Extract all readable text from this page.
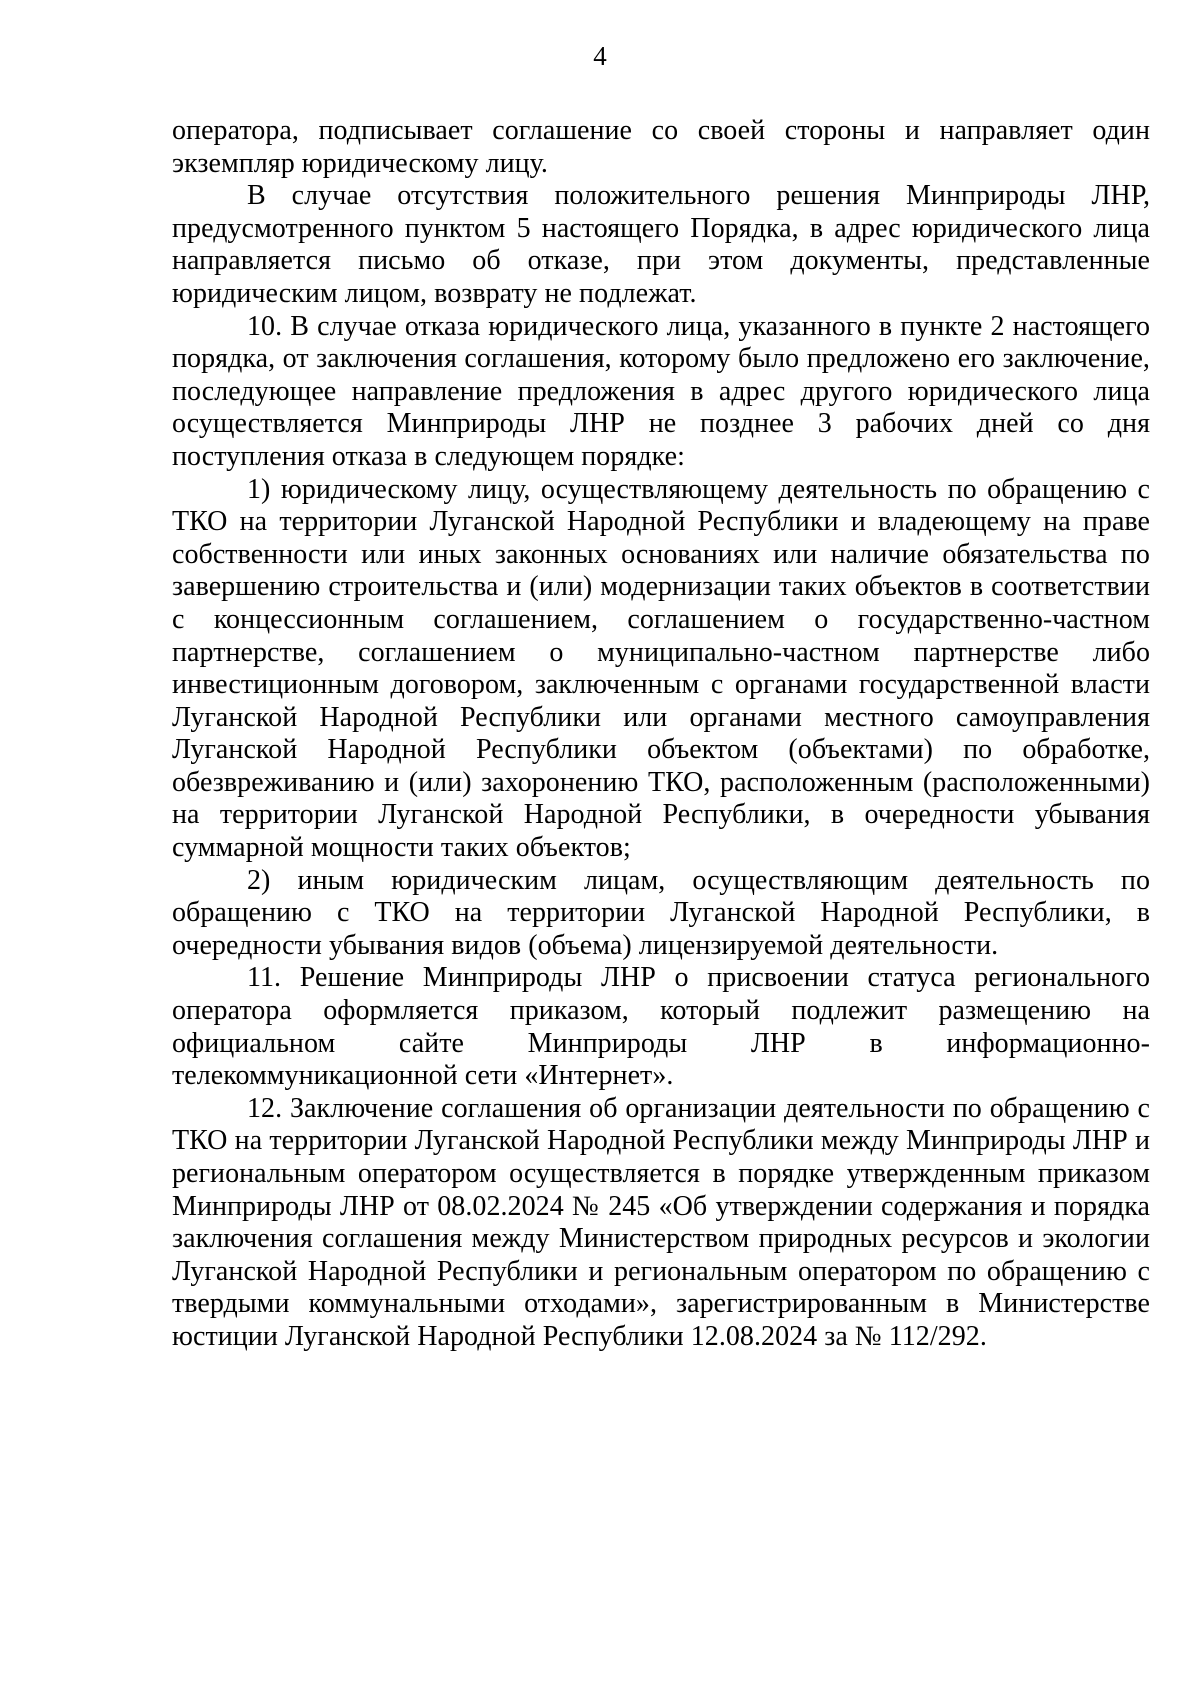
4

оператора, подписывает соглашение со своей стороны и направляет один экземпляр юридическому лицу.

В случае отсутствия положительного решения Минприроды ЛНР, предусмотренного пунктом 5 настоящего Порядка, в адрес юридического лица направляется письмо об отказе, при этом документы, представленные юридическим лицом, возврату не подлежат.

10. В случае отказа юридического лица, указанного в пункте 2 настоящего порядка, от заключения соглашения, которому было предложено его заключение, последующее направление предложения в адрес другого юридического лица осуществляется Минприроды ЛНР не позднее 3 рабочих дней со дня поступления отказа в следующем порядке:

1) юридическому лицу, осуществляющему деятельность по обращению с ТКО на территории Луганской Народной Республики и владеющему на праве собственности или иных законных основаниях или наличие обязательства по завершению строительства и (или) модернизации таких объектов в соответствии с концессионным соглашением, соглашением о государственно-частном партнерстве, соглашением о муниципально-частном партнерстве либо инвестиционным договором, заключенным с органами государственной власти Луганской Народной Республики или органами местного самоуправления Луганской Народной Республики объектом (объектами) по обработке, обезвреживанию и (или) захоронению ТКО, расположенным (расположенными) на территории Луганской Народной Республики, в очередности убывания суммарной мощности таких объектов;

2) иным юридическим лицам, осуществляющим деятельность по обращению с ТКО на территории Луганской Народной Республики, в очередности убывания видов (объема) лицензируемой деятельности.

11. Решение Минприроды ЛНР о присвоении статуса регионального оператора оформляется приказом, который подлежит размещению на официальном сайте Минприроды ЛНР в информационно-телекоммуникационной сети «Интернет».

12. Заключение соглашения об организации деятельности по обращению с ТКО на территории Луганской Народной Республики между Минприроды ЛНР и региональным оператором осуществляется в порядке утвержденным приказом Минприроды ЛНР от 08.02.2024 № 245 «Об утверждении содержания и порядка заключения соглашения между Министерством природных ресурсов и экологии Луганской Народной Республики и региональным оператором по обращению с твердыми коммунальными отходами», зарегистрированным в Министерстве юстиции Луганской Народной Республики 12.08.2024 за № 112/292.
